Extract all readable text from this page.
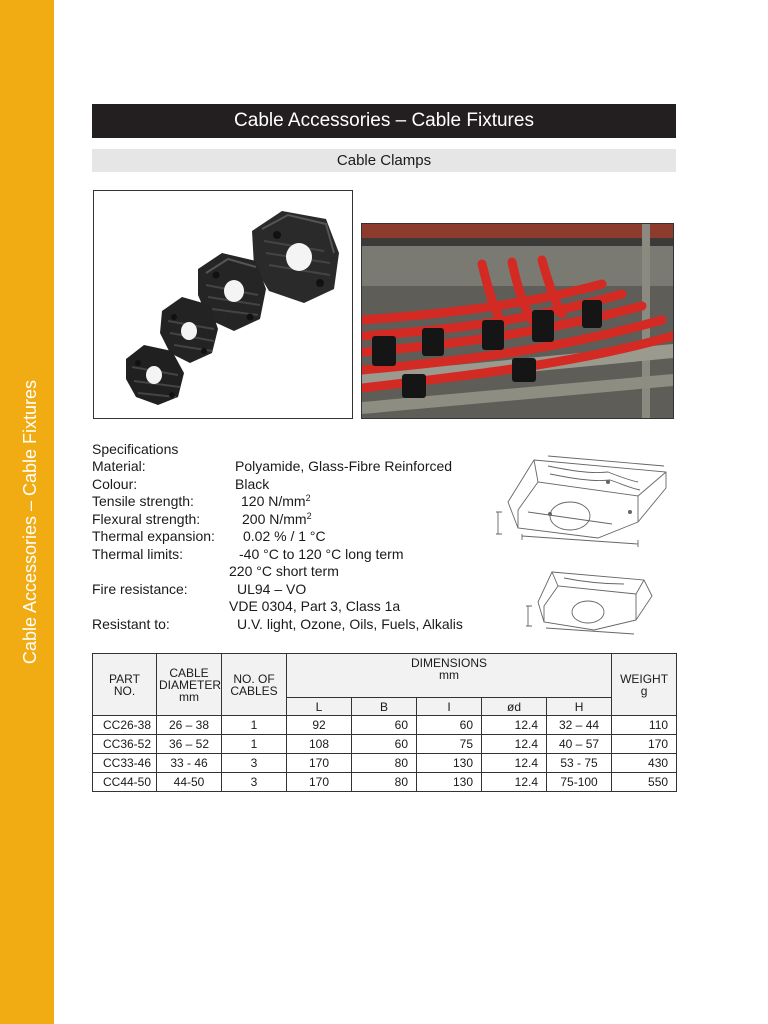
Cable Accessories – Cable Fixtures
Cable Accessories – Cable Fixtures
Cable Clamps
Specifications
Material:	Polyamide, Glass-Fibre Reinforced
Colour:	Black
Tensile strength:	120 $N/mm^2$
Flexural strength:	200 $N/mm^2$
Thermal expansion: 0.02 % / 1 °C
Thermal limits:	-40 °C to 120 °C long term
220 °C short term
Fire resistance:	UL94 – VO
VDE 0304, Part 3, Class 1a
Resistant to:	U.V. light, Ozone, Oils, Fuels, Alkalis
PART NO.	CABLE DIAMETER mm	NO. OF CABLES	DIMENSIONS mm					WEIGHT g

			L	B	I	ød	H	
CC26-38	26 – 38	1	92	60	60	12.4	32 – 44	110
CC36-52	36 – 52	1	108	60	75	12.4	40 – 57	170
CC33-46	33 - 46	3	170	80	130	12.4	53 - 75	430
CC44-50	44-50	3	170	80	130	12.4	75-100	550
